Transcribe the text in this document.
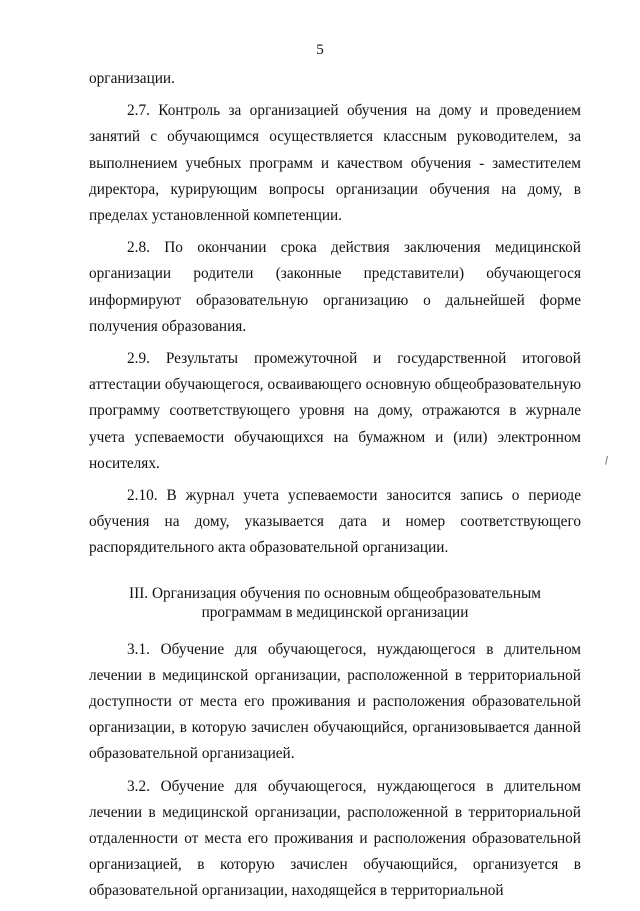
5

организации.

2.7. Контроль за организацией обучения на дому и проведением занятий с обучающимся осуществляется классным руководителем, за выполнением учебных программ и качеством обучения - заместителем директора, курирующим вопросы организации обучения на дому, в пределах установленной компетенции.

2.8. По окончании срока действия заключения медицинской организации родители (законные представители) обучающегося информируют образовательную организацию о дальнейшей форме получения образования.

2.9. Результаты промежуточной и государственной итоговой аттестации обучающегося, осваивающего основную общеобразовательную программу соответствующего уровня на дому, отражаются в журнале учета успеваемости обучающихся на бумажном и (или) электронном носителях.

2.10. В журнал учета успеваемости заносится запись о периоде обучения на дому, указывается дата и номер соответствующего распорядительного акта образовательной организации.

III. Организация обучения по основным общеобразовательным программам в медицинской организации

3.1. Обучение для обучающегося, нуждающегося в длительном лечении в медицинской организации, расположенной в территориальной доступности от места его проживания и расположения образовательной организации, в которую зачислен обучающийся, организовывается данной образовательной организацией.

3.2. Обучение для обучающегося, нуждающегося в длительном лечении в медицинской организации, расположенной в территориальной отдаленности от места его проживания и расположения образовательной организацией, в которую зачислен обучающийся, организуется в образовательной организации, находящейся в территориальной
